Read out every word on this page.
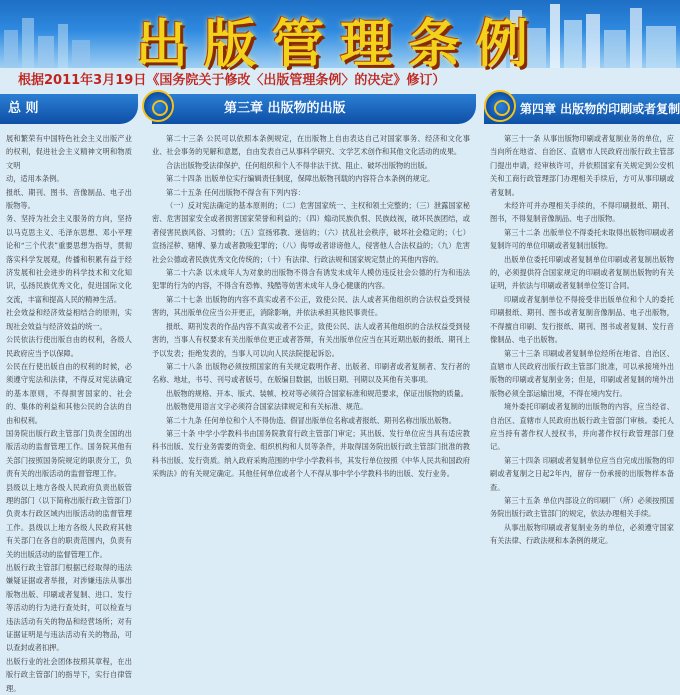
出版管理条例
根据2011年3月19日《国务院关于修改〈出版管理条例〉的决定》修订）
总 则

展和繁荣有中国特色社会主义出版产业的权利，促进社会主义精神文明和物质文明

动，适用本条例。

报纸、期刊、图书、音像制品、电子出版物等。

务、坚持为社会主义服务的方向，坚持以马克思主义、毛泽东思想、邓小平理论和“三个代表”重要思想为指导，贯彻落实科学发展观，传播和积累有益于经济发展和社会进步的科学技术和文化知识，弘扬民族优秀文化，促进国际文化交流，丰富和提高人民的精神生活。

社会效益和经济效益相结合的原则，实现社会效益与经济效益的统一。

公民依法行使出版自由的权利，各级人民政府应当予以保障。

公民在行使出版自由的权利的时候，必须遵守宪法和法律，不得反对宪法确定的基本原则，不得损害国家的、社会的、集体的利益和其他公民的合法的自由和权利。

国务院出版行政主管部门负责全国的出版活动的监督管理工作。国务院其他有关部门按照国务院规定的职责分工，负责有关的出版活动的监督管理工作。

县级以上地方各级人民政府负责出版管理的部门（以下简称出版行政主管部门）负责本行政区域内出版活动的监督管理工作。县级以上地方各级人民政府其他有关部门在各自的职责范围内，负责有关的出版活动的监督管理工作。

出版行政主管部门根据已经取得的违法嫌疑证据或者举报，对涉嫌违法从事出版物出版、印刷或者复制、进口、发行等活动的行为进行查处时，可以检查与违法活动有关的物品和经营场所；对有证据证明是与违法活动有关的物品，可以查封或者扣押。

出版行业的社会团体按照其章程，在出版行政主管部门的指导下，实行自律管理。

第三章 出版物的出版

第二十三条 公民可以依照本条例规定，在出版物上自由表达自己对国家事务、经济和文化事业、社会事务的见解和意愿，自由发表自己从事科学研究、文学艺术创作和其他文化活动的成果。

合法出版物受法律保护，任何组织和个人不得非法干扰、阻止、破坏出版物的出版。

第二十四条 出版单位实行编辑责任制度，保障出版物刊载的内容符合本条例的规定。

第二十五条 任何出版物不得含有下列内容：

（一）反对宪法确定的基本原则的；（二）危害国家统一、主权和领土完整的；（三）泄露国家秘密、危害国家安全或者损害国家荣誉和利益的；（四）煽动民族仇恨、民族歧视，破坏民族团结，或者侵害民族风俗、习惯的；（五）宣扬邪教、迷信的；（六）扰乱社会秩序，破坏社会稳定的；（七）宣扬淫秽、赌博、暴力或者教唆犯罪的；（八）侮辱或者诽谤他人，侵害他人合法权益的；（九）危害社会公德或者民族优秀文化传统的；（十）有法律、行政法规和国家规定禁止的其他内容的。

第二十六条 以未成年人为对象的出版物不得含有诱发未成年人模仿违反社会公德的行为和违法犯罪的行为的内容，不得含有恐怖、残酷等妨害未成年人身心健康的内容。

第二十七条 出版物的内容不真实或者不公正，致使公民、法人或者其他组织的合法权益受到侵害的，其出版单位应当公开更正，消除影响，并依法承担其他民事责任。

报纸、期刊发表的作品内容不真实或者不公正，致使公民、法人或者其他组织的合法权益受到侵害的，当事人有权要求有关出版单位更正或者答辩，有关出版单位应当在其近期出版的报纸、期刊上予以发表；拒绝发表的，当事人可以向人民法院提起诉讼。

第二十八条 出版物必须按照国家的有关规定载明作者、出版者、印刷者或者复制者、发行者的名称、地址，书号、刊号或者版号，在版编目数据，出版日期、刊期以及其他有关事项。

出版物的规格、开本、版式、装帧、校对等必须符合国家标准和规范要求，保证出版物的质量。

出版物使用语言文字必须符合国家法律规定和有关标准、规范。

第二十九条 任何单位和个人不得伪造、假冒出版单位名称或者报纸、期刊名称出版出版物。

第三十条 中学小学教科书由国务院教育行政主管部门审定；其出版、发行单位应当具有适应教科书出版、发行业务需要的资金、组织机构和人员等条件，并取得国务院出版行政主管部门批准的教科书出版、发行资质。纳入政府采购范围的中学小学教科书，其发行单位按照《中华人民共和国政府采购法》的有关规定确定。其他任何单位或者个人不得从事中学小学教科书的出版、发行业务。

第四章 出版物的印刷或者复制

第三十一条 从事出版物印刷或者复制业务的单位，应当向所在地省、自治区、直辖市人民政府出版行政主管部门提出申请，经审核许可，并依照国家有关规定到公安机关和工商行政管理部门办理相关手续后，方可从事印刷或者复制。

未经许可并办理相关手续的，不得印刷报纸、期刊、图书，不得复制音像制品、电子出版物。

第三十二条 出版单位不得委托未取得出版物印刷或者复制许可的单位印刷或者复制出版物。

出版单位委托印刷或者复制单位印刷或者复制出版物的，必须提供符合国家规定的印刷或者复制出版物的有关证明，并依法与印刷或者复制单位签订合同。

印刷或者复制单位不得接受非出版单位和个人的委托印刷报纸、期刊、图书或者复制音像制品、电子出版物，不得擅自印刷、发行报纸、期刊、图书或者复制、发行音像制品、电子出版物。

第三十三条 印刷或者复制单位经所在地省、自治区、直辖市人民政府出版行政主管部门批准，可以承接境外出版物的印刷或者复制业务；但是，印刷或者复制的境外出版物必须全部运输出境，不得在境内发行。

境外委托印刷或者复制的出版物的内容，应当经省、自治区、直辖市人民政府出版行政主管部门审核。委托人应当持有著作权人授权书，并向著作权行政管理部门登记。

第三十四条 印刷或者复制单位应当自完成出版物的印刷或者复制之日起2年内，留存一份承接的出版物样本备查。

第三十五条 单位内部设立的印刷厂（所）必须按照国务院出版行政主管部门的规定，依法办理相关手续。

从事出版物印刷或者复制业务的单位，必须遵守国家有关法律、行政法规和本条例的规定。
